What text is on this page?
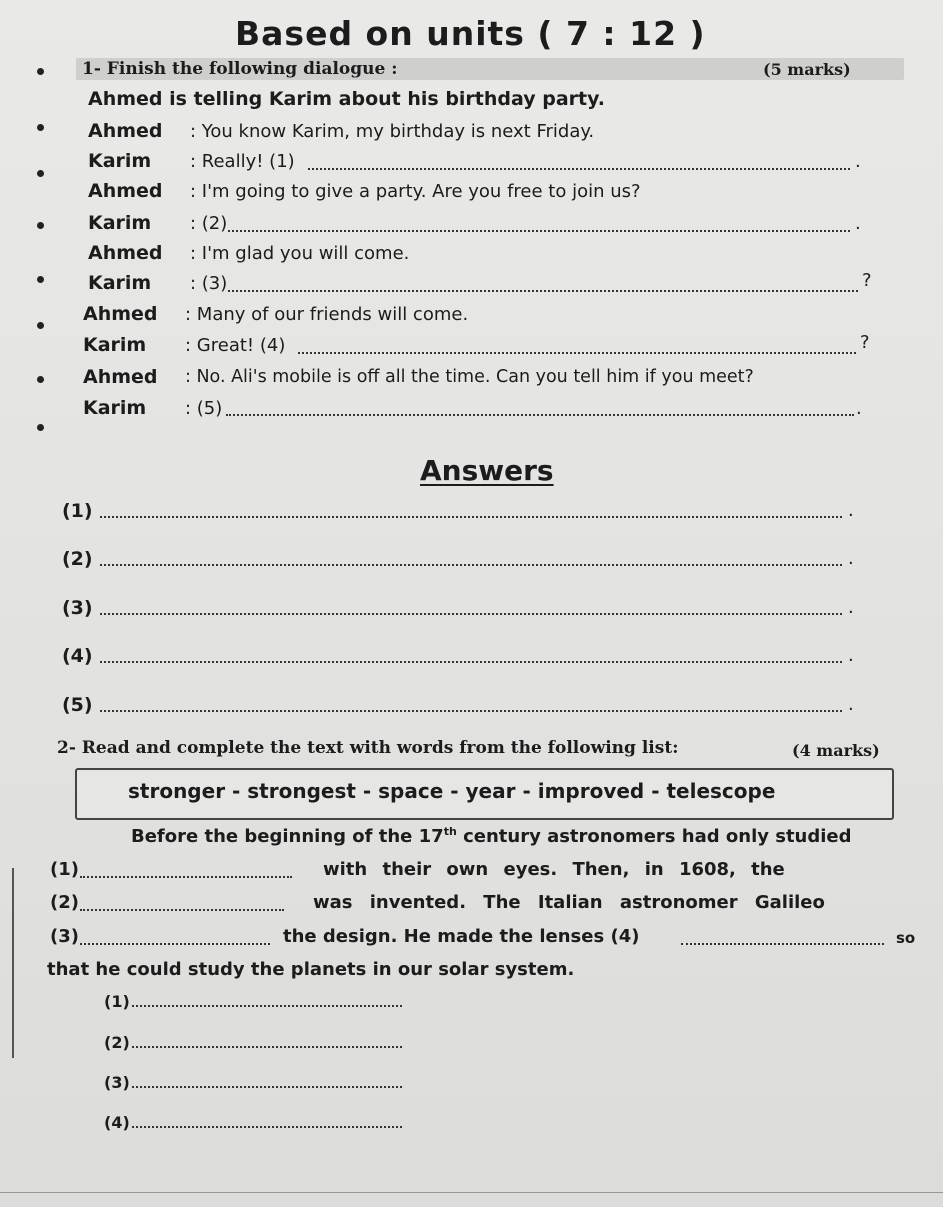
Based on units ( 7 : 12 )
1- Finish the following dialogue :	(5 marks)
Ahmed is telling Karim about his birthday party.
Ahmed : You know Karim, my birthday is next Friday.
Karim : Really! (1)	.
Ahmed : I'm going to give a party. Are you free to join us?
Karim : (2)	.
Ahmed : I'm glad you will come.
Karim : (3)	?
Ahmed : Many of our friends will come.
Karim : Great! (4)	?
Ahmed : No. Ali's mobile is off all the time. Can you tell him if you meet?
Karim : (5)	.
Answers
(1)	.
(2)	.
(3)	.
(4)	.
(5)	.
2- Read and complete the text with words from the following list:	(4 marks)
stronger - strongest - space - year - improved - telescope
Before the beginning of the 17th century astronomers had only studied
(1)	with their own eyes. Then, in 1608, the
(2)	was invented. The Italian astronomer Galileo
(3)	the design. He made the lenses (4)	so
that he could study the planets in our solar system.
(1)
(2)
(3)
(4)
